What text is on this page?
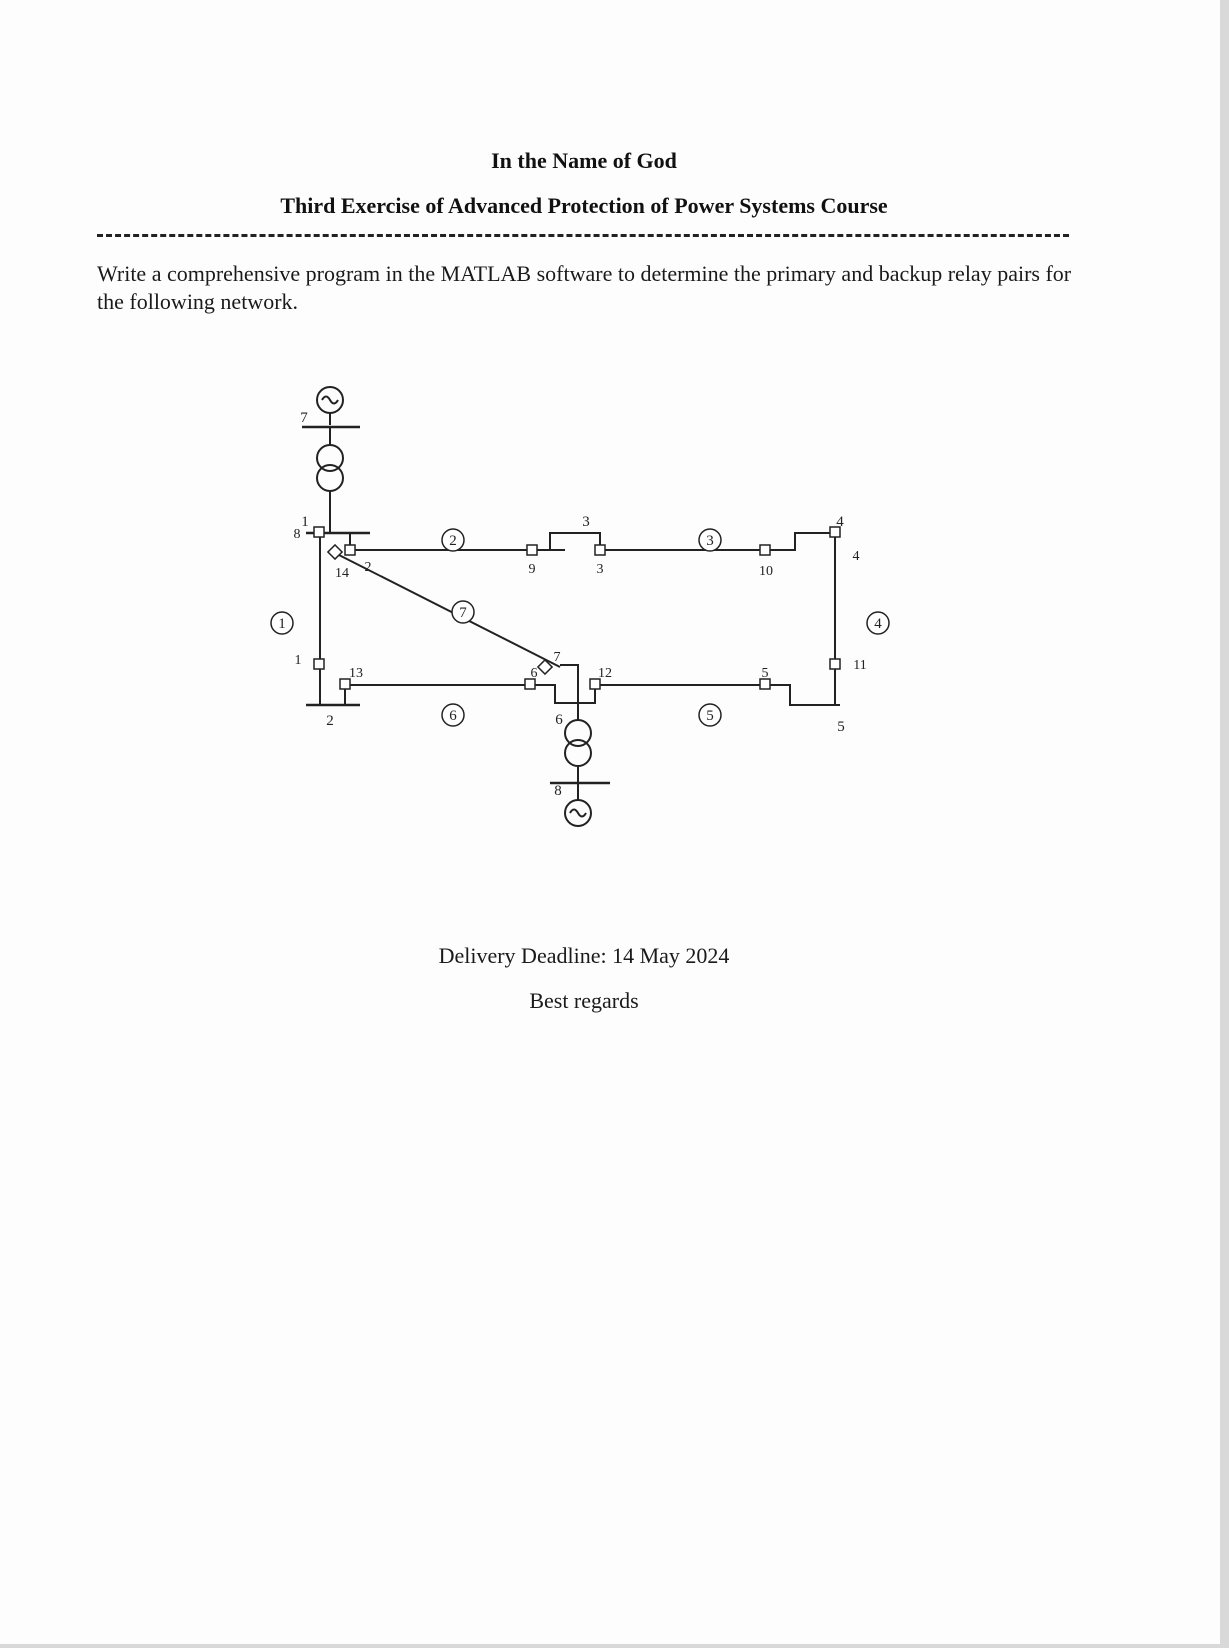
In the Name of God
Third Exercise of Advanced Protection of Power Systems Course
Write a comprehensive program in the MATLAB software to determine the primary and backup relay pairs for the following network.
1
2	3
4
5
6
7
1
2
3	4
5
6
7
8
1
2	3
4
5
6
7
8
9	10
11
12
13
14
Delivery Deadline: 14 May 2024
Best regards
